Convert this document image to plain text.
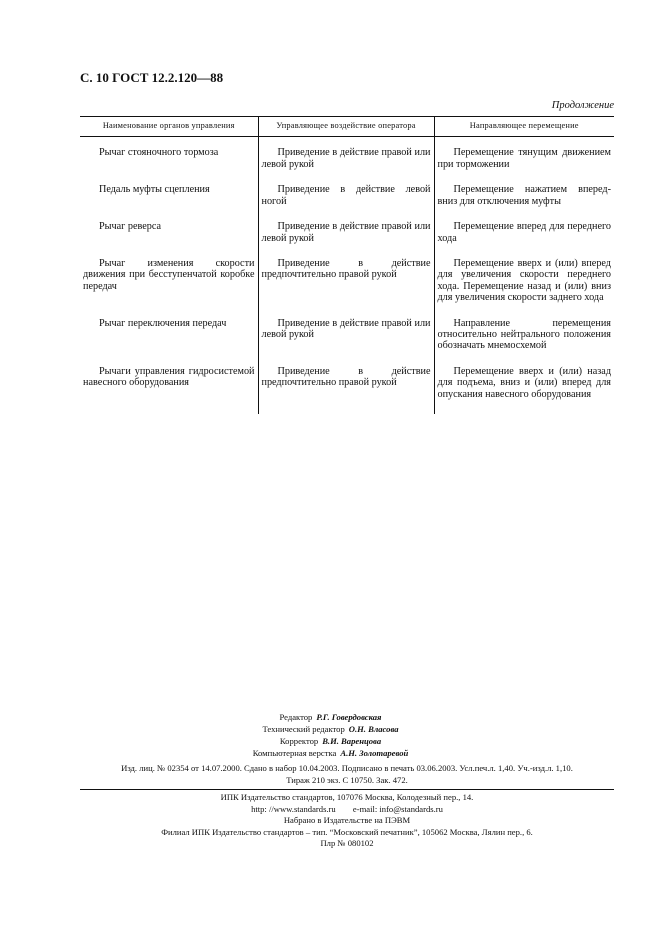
С. 10 ГОСТ 12.2.120—88
Продолжение
Наименование органов управления	Управляющее воздействие оператора	Направляющее перемещение

Рычаг стояночного тормоза	Приведение в действие правой или левой рукой	Перемещение тянущим движением при торможении

Педаль муфты сцепления	Приведение в действие левой ногой	Перемещение нажатием вперед-вниз для отключения муфты

Рычаг реверса	Приведение в действие правой или левой рукой	Перемещение вперед для переднего хода

Рычаг изменения скорости движения при бесступенчатой коробке передач	Приведение в действие предпочтительно правой рукой	Перемещение вверх и (или) вперед для увеличения скорости переднего хода. Перемещение назад и (или) вниз для увеличения скорости заднего хода

Рычаг переключения передач	Приведение в действие правой или левой рукой	Направление перемещения относительно нейтрального положения обозначать мнемосхемой

Рычаги управления гидросистемой навесного оборудования	Приведение в действие предпочтительно правой рукой	Перемещение вверх и (или) назад для подъема, вниз и (или) вперед для опускания навесного оборудования
Редактор Р.Г. Говердовская
Технический редактор О.Н. Власова
Корректор В.И. Варенцова
Компьютерная верстка А.Н. Золотаревой
Изд. лиц. № 02354 от 14.07.2000. Сдано в набор 10.04.2003. Подписано в печать 03.06.2003. Усл.печ.л. 1,40. Уч.-изд.л. 1,10.
Тираж 210 экз. С 10750. Зак. 472.
ИПК Издательство стандартов, 107076 Москва, Колодезный пер., 14.
http: //www.standards.ru        e-mail: info@standards.ru
Набрано в Издательстве на ПЭВМ
Филиал ИПК Издательство стандартов – тип. “Московский печатник”, 105062 Москва, Лялин пер., 6.
Плр № 080102
